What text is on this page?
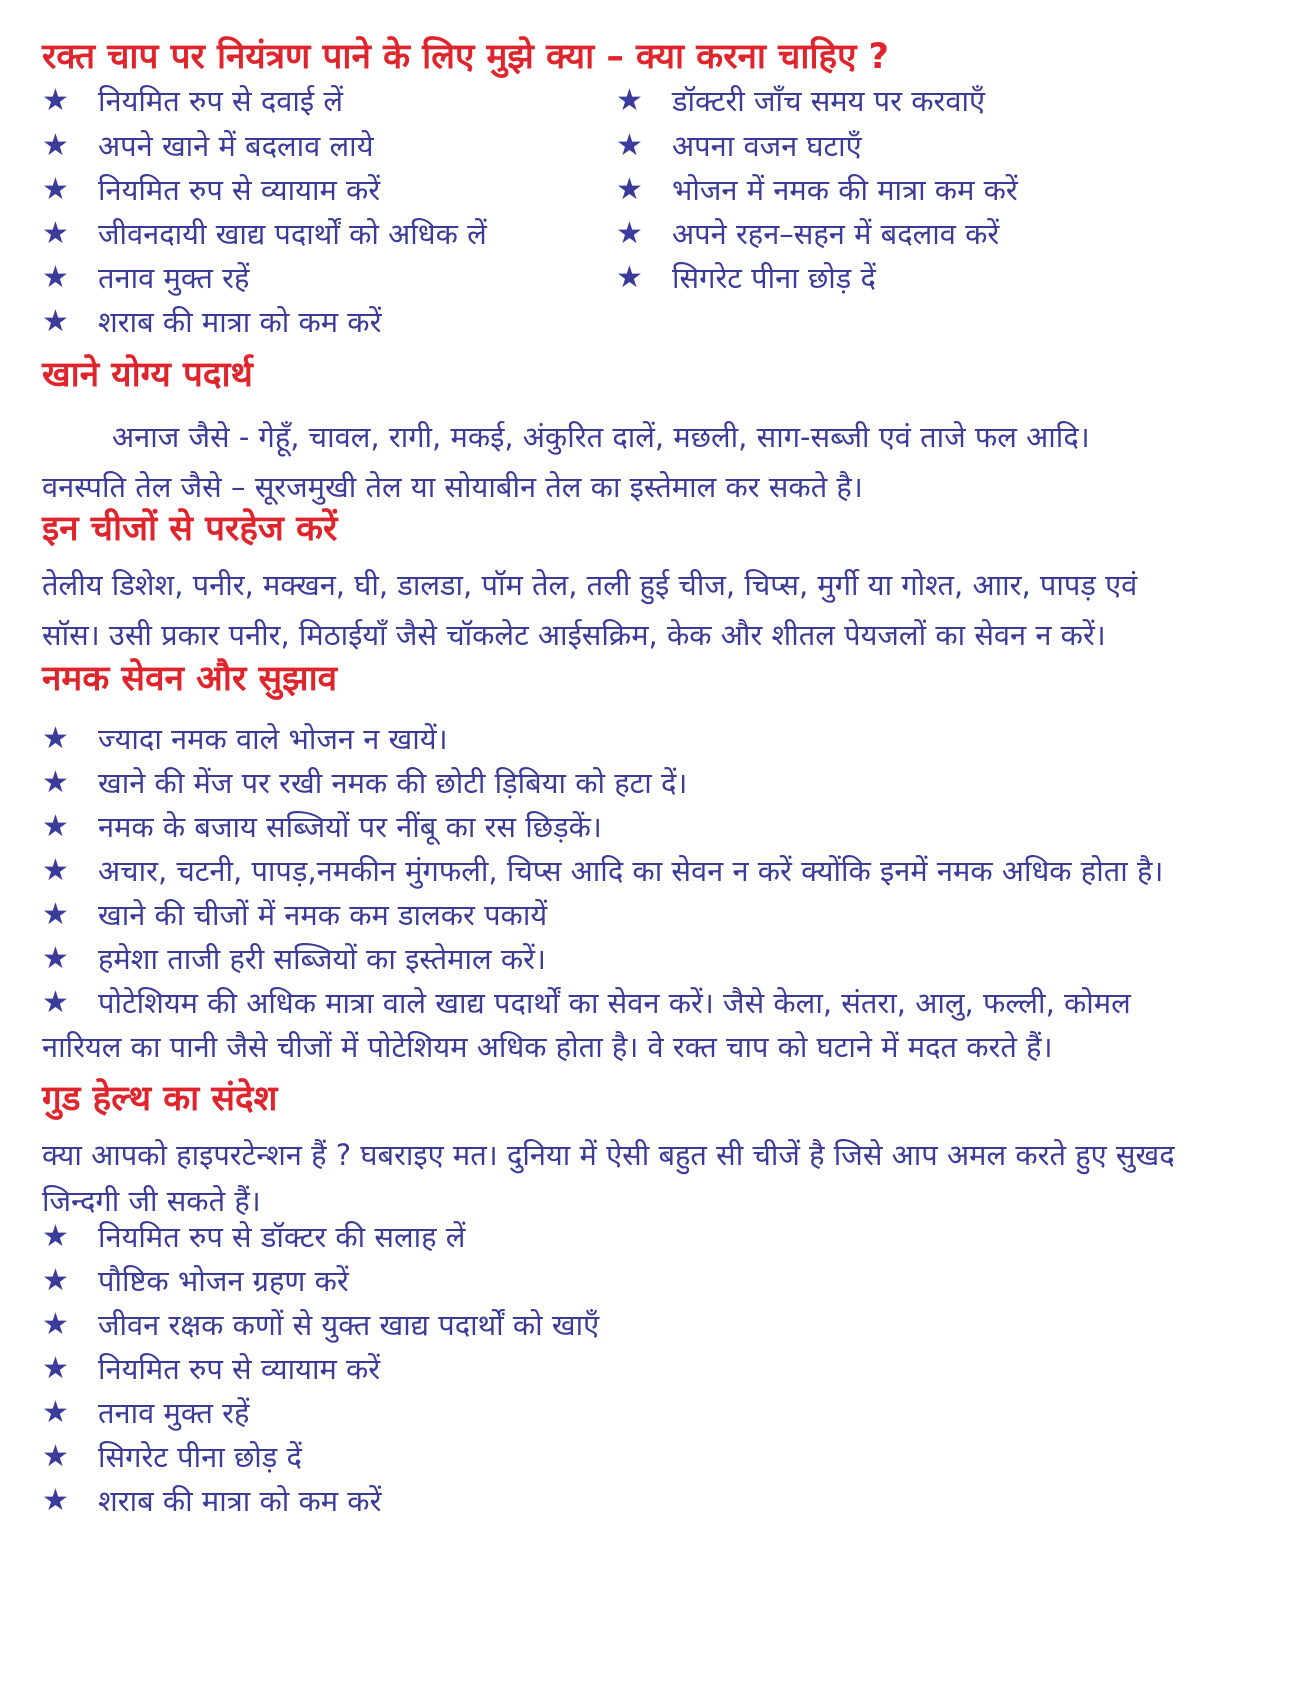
रक्त चाप पर नियंत्रण पाने के लिए मुझे क्या – क्या करना चाहिए ?
★	नियमित रुप से दवाई लें
★	अपने खाने में बदलाव लाये
★	नियमित रुप से व्यायाम करें
★	जीवनदायी खाद्य पदार्थों को अधिक लें
★	तनाव मुक्त रहें
★	शराब की मात्रा को कम करें
★	डॉक्टरी जाँच समय पर करवाएँ
★	अपना वजन घटाएँ
★	भोजन में नमक की मात्रा कम करें
★	अपने रहन–सहन में बदलाव करें
★	सिगरेट पीना छोड़ दें
खाने योग्य पदार्थ
अनाज जैसे - गेहूँ, चावल, रागी, मकई, अंकुरित दालें, मछली, साग-सब्जी एवं ताजे फल आदि।
वनस्पति तेल जैसे – सूरजमुखी तेल या सोयाबीन तेल का इस्तेमाल कर सकते है।
इन चीजों से परहेज करें
तेलीय डिशेश, पनीर, मक्खन, घी, डालडा, पॉम तेल, तली हुई चीज, चिप्स, मुर्गी या गोश्त, आार, पापड़ एवं
सॉस। उसी प्रकार पनीर, मिठाईयाँ जैसे चॉकलेट आईसक्रिम, केक और शीतल पेयजलों का सेवन न करें।
नमक सेवन और सुझाव
★	ज्यादा नमक वाले भोजन न खायें।
★	खाने की मेंज पर रखी नमक की छोटी ड़िबिया को हटा दें।
★	नमक के बजाय सब्जियों पर नींबू का रस छिड़कें।
★	अचार, चटनी, पापड़,नमकीन मुंगफली, चिप्स आदि का सेवन न करें क्योंकि इनमें नमक अधिक होता है।
★	खाने की चीजों में नमक कम डालकर पकायें
★	हमेशा ताजी हरी सब्जियों का इस्तेमाल करें।
★	पोटेशियम की अधिक मात्रा वाले खाद्य पदार्थों का सेवन करें। जैसे केला, संतरा, आलु, फल्ली, कोमल
नारियल का पानी जैसे चीजों में पोटेशियम अधिक होता है। वे रक्त चाप को घटाने में मदत करते हैं।
गुड हेल्थ का संदेश
क्या आपको हाइपरटेन्शन हैं ? घबराइए मत। दुनिया में ऐसी बहुत सी चीजें है जिसे आप अमल करते हुए सुखद
जिन्दगी जी सकते हैं।
★	नियमित रुप से डॉक्टर की सलाह लें
★	पौष्टिक भोजन ग्रहण करें
★	जीवन रक्षक कणों से युक्त खाद्य पदार्थों को खाएँ
★	नियमित रुप से व्यायाम करें
★	तनाव मुक्त रहें
★	सिगरेट पीना छोड़ दें
★	शराब की मात्रा को कम करें
